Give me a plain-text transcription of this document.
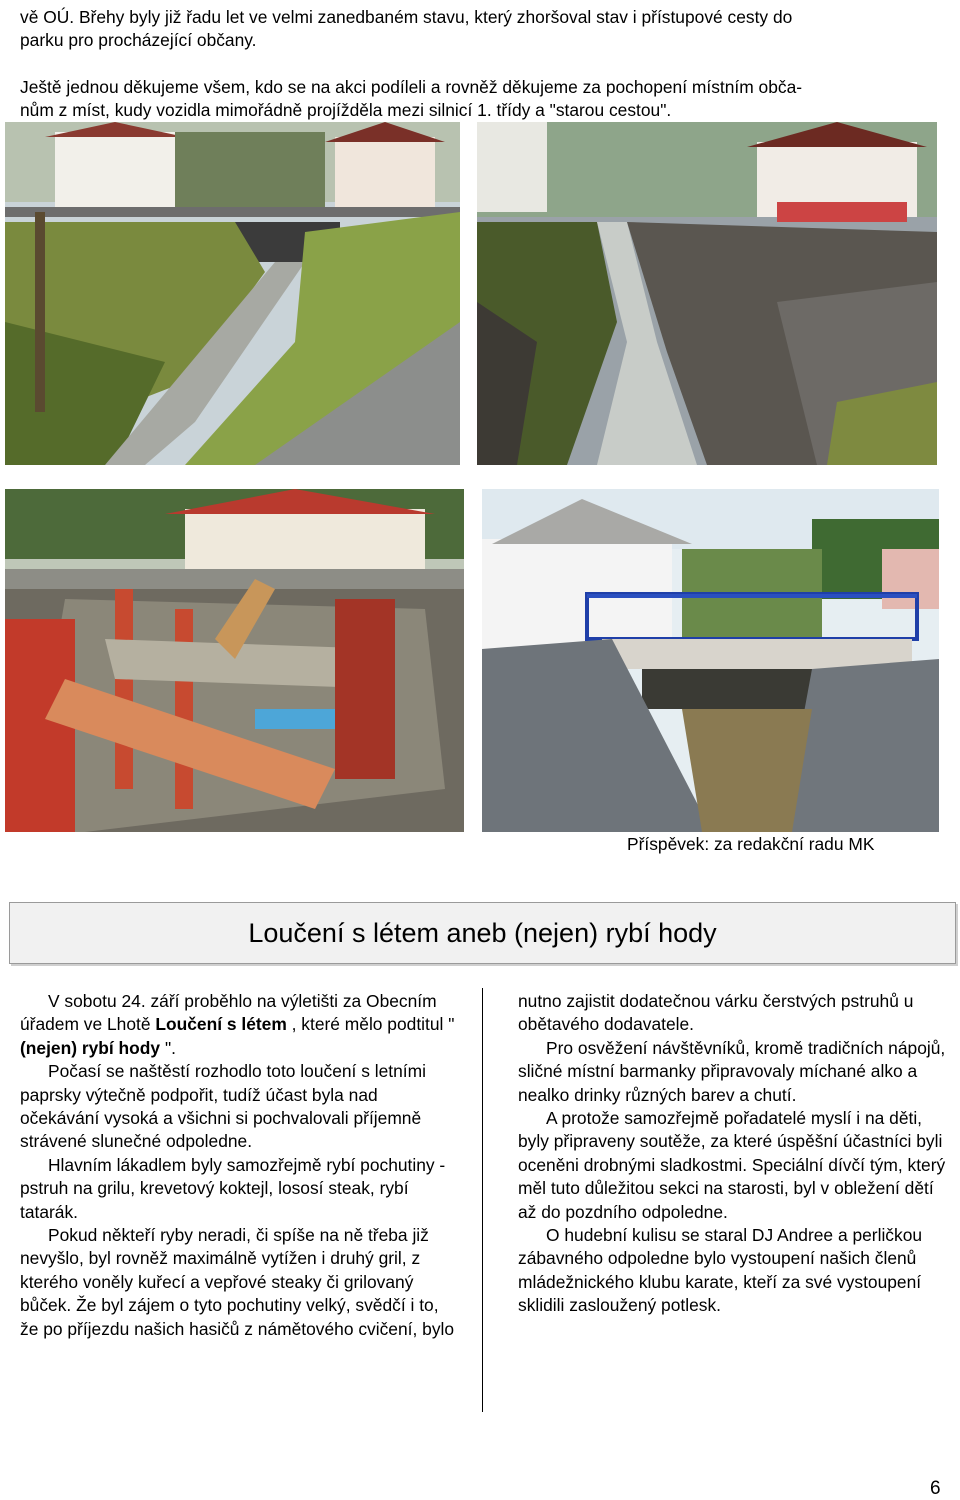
vě OÚ. Břehy byly již řadu let ve velmi zanedbaném stavu, který zhoršoval stav i přístupové cesty do

parku pro procházející občany.

Ještě jednou děkujeme všem, kdo se na akci podíleli a rovněž děkujeme za pochopení místním obča-

nům z míst, kudy vozidla mimořádně projížděla mezi silnicí 1. třídy a "starou cestou".

Příspěvek: za redakční radu MK
Loučení s létem aneb (nejen) rybí hody

V sobotu 24. září proběhlo na výletišti za Obecním úřadem ve Lhotě Loučení s létem , které mělo podtitul " (nejen) rybí hody ".

Počasí se naštěstí rozhodlo toto loučení s letními paprsky výtečně podpořit, tudíž účast byla nad očekávání vysoká a všichni si pochvalovali příjemně strávené slunečné odpoledne.

Hlavním lákadlem byly samozřejmě rybí pochutiny - pstruh na grilu, krevetový koktejl, lososí steak, rybí tatarák.

Pokud někteří ryby neradi, či spíše na ně třeba již nevyšlo, byl rovněž maximálně vytížen i druhý gril, z kterého voněly kuřecí a vepřové steaky či grilovaný bůček. Že byl zájem o tyto pochutiny velký, svědčí i to, že po příjezdu našich hasičů z námětového cvičení, bylo

nutno zajistit dodatečnou várku čerstvých pstruhů u obětavého dodavatele.

Pro osvěžení návštěvníků, kromě tradičních nápojů, sličné místní barmanky připravovaly míchané alko a nealko drinky různých barev a chutí.

A protože samozřejmě pořadatelé myslí i na děti, byly připraveny soutěže, za které úspěšní účastníci byli oceněni drobnými sladkostmi. Speciální dívčí tým, který měl tuto důležitou sekci na starosti, byl v obležení dětí až do pozdního odpoledne.

O hudební kulisu se staral DJ Andree a perličkou zábavného odpoledne bylo vystoupení našich členů mládežnického klubu karate, kteří za své vystoupení sklidili zasloužený potlesk.

6
